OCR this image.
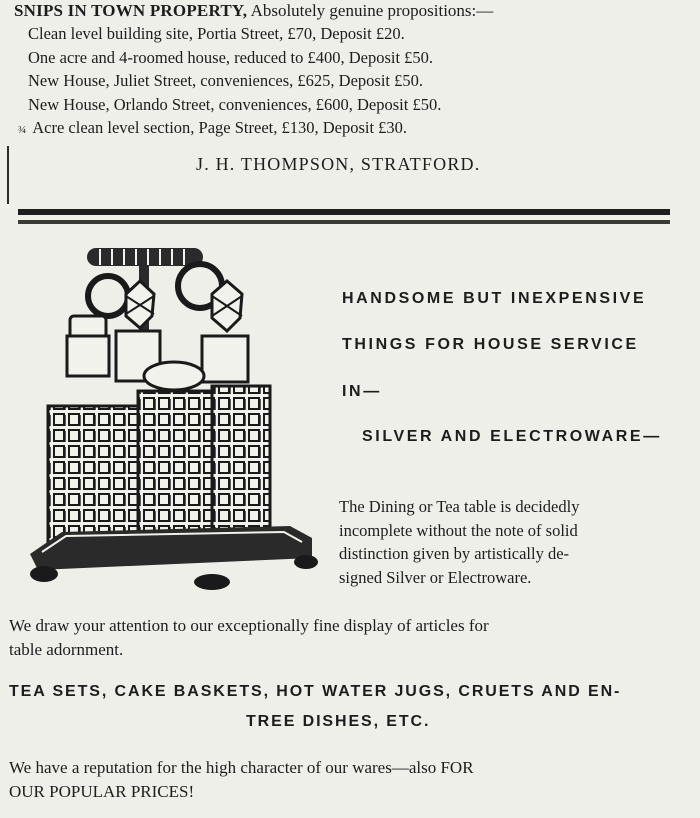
SNIPS IN TOWN PROPERTY, Absolutely genuine propositions:—
Clean level building site, Portia Street, £70, Deposit £20.
One acre and 4-roomed house, reduced to £400, Deposit £50.
New House, Juliet Street, conveniences, £625, Deposit £50.
New House, Orlando Street, conveniences, £600, Deposit £50.
¾ Acre clean level section, Page Street, £130, Deposit £30.
J. H. THOMPSON, STRATFORD.
HANDSOME BUT INEXPENSIVE
THINGS FOR HOUSE SERVICE
IN—
SILVER AND ELECTROWARE—
The Dining or Tea table is decidedly
incomplete without the note of solid
distinction given by artistically de-
signed Silver or Electroware.
We draw your attention to our exceptionally fine display of articles for
table adornment.
TEA SETS, CAKE BASKETS, HOT WATER JUGS, CRUETS AND EN-
TREE DISHES, ETC.
We have a reputation for the high character of our wares—also FOR
OUR POPULAR PRICES!
